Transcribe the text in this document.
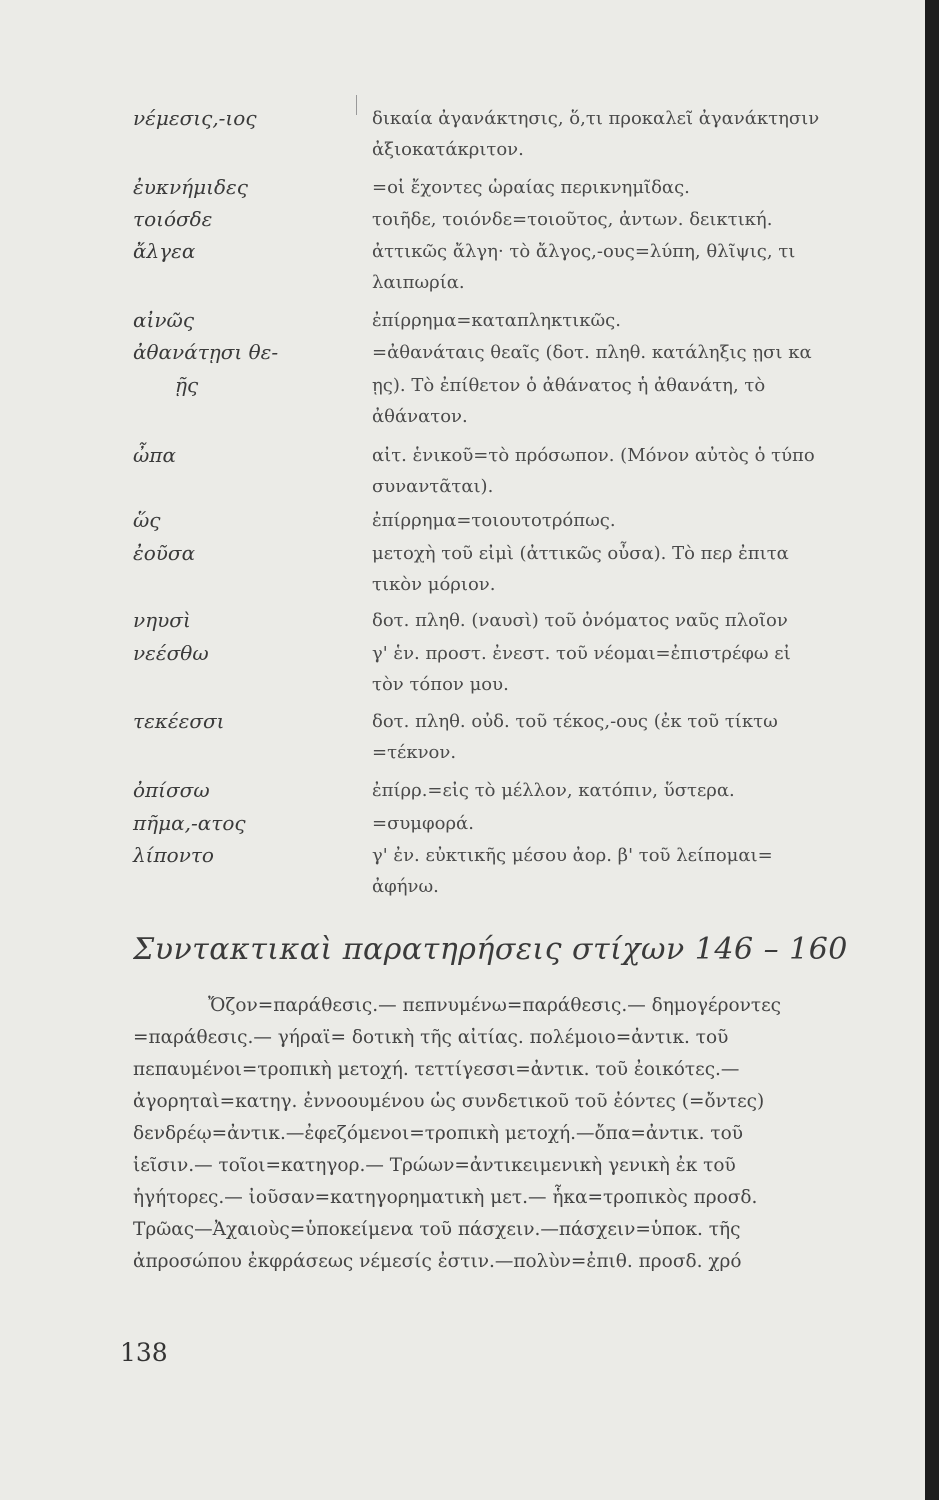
νέμεσις,-ιος	δικαία ἀγανάκτησις, ὅ,τι προκαλεῖ ἀγανάκτησιν
ἀξιοκατάκριτον.
ἐυκνήμιδες	=οἱ ἔχοντες ὡραίας περικνημῖδας.
τοιόσδε	τοιῆδε, τοιόνδε=τοιοῦτος, ἀντων. δεικτική.
ἄλγεα	ἀττικῶς ἄλγη· τὸ ἄλγος,-ους=λύπη, θλῖψις, τι
λαιπωρία.
αἰνῶς	ἐπίρρημα=καταπληκτικῶς.
ἀθανάτῃσι θε-	=ἀθανάταις θεαῖς (δοτ. πληθ. κατάληξις ῃσι κα
ῇς	ῃς). Τὸ ἐπίθετον ὁ ἀθάνατος ἡ ἀθανάτη, τὸ
ἀθάνατον.
ὦπα	αἰτ. ἑνικοῦ=τὸ πρόσωπον. (Μόνον αὐτὸς ὁ τύπο
συναντᾶται).
ὥς	ἐπίρρημα=τοιουτοτρόπως.
ἐοῦσα	μετοχὴ τοῦ εἰμὶ (ἀττικῶς οὖσα). Τὸ περ ἐπιτα
τικὸν μόριον.
νηυσὶ	δοτ. πληθ. (ναυσὶ) τοῦ ὀνόματος ναῦς πλοῖον
νεέσθω	γ' ἑν. προστ. ἐνεστ. τοῦ νέομαι=ἐπιστρέφω εἰ
τὸν τόπον μου.
τεκέεσσι	δοτ. πληθ. οὐδ. τοῦ τέκος,-ους (ἐκ τοῦ τίκτω
=τέκνον.
ὀπίσσω	ἐπίρρ.=εἰς τὸ μέλλον, κατόπιν, ὕστερα.
πῆμα,-ατος	=συμφορά.
λίποντο	γ' ἐν. εὐκτικῆς μέσου ἀορ. β' τοῦ λείπομαι=
ἀφήνω.
Συντακτικαὶ παρατηρήσεις στίχων 146 – 160
Ὄζον=παράθεσις.— πεπνυμένω=παράθεσις.— δημογέροντες
=παράθεσις.— γήραϊ= δοτικὴ τῆς αἰτίας. πολέμοιο=ἀντικ. τοῦ
πεπαυμένοι=τροπικὴ μετοχή. τεττίγεσσι=ἀντικ. τοῦ ἐοικότες.—
ἀγορηταὶ=κατηγ. ἐννοουμένου ὡς συνδετικοῦ τοῦ ἐόντες (=ὄντες)
δενδρέῳ=ἀντικ.—ἐφεζόμενοι=τροπικὴ μετοχή.—ὄπα=ἀντικ. τοῦ
ἱεῖσιν.— τοῖοι=κατηγορ.— Τρώων=ἀντικειμενικὴ γενικὴ ἐκ τοῦ
ἡγήτορες.— ἰοῦσαν=κατηγορηματικὴ μετ.— ἧκα=τροπικὸς προσδ.
Τρῶας—Ἀχαιοὺς=ὑποκείμενα τοῦ πάσχειν.—πάσχειν=ὑποκ. τῆς
ἀπροσώπου ἐκφράσεως νέμεσίς ἐστιν.—πολὺν=ἐπιθ. προσδ. χρό
138
